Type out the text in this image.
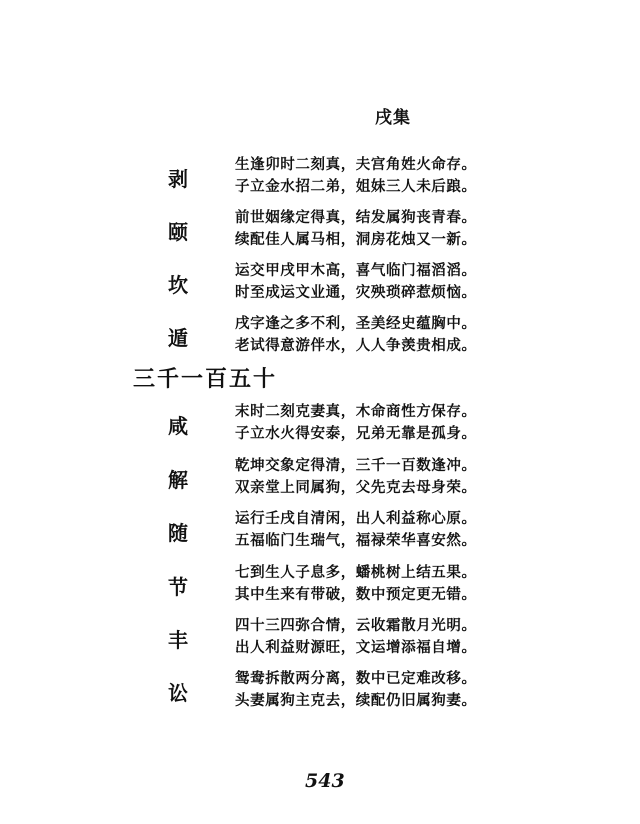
戌集
剥
生逢卯时二刻真，夫宫角姓火命存。
子立金水招二弟，姐妹三人未后踉。
颐
前世姻缘定得真，结发属狗丧青春。
续配佳人属马相，洞房花烛又一新。
坎
运交甲戌甲木高，喜气临门福滔滔。
时至成运文业通，灾殃琐碎惹烦恼。
遁
戌字逢之多不利，圣美经史蕴胸中。
老试得意游伴水，人人争羡贵相成。
三千一百五十
咸
末时二刻克妻真，木命商性方保存。
子立水火得安泰，兄弟无靠是孤身。
解
乾坤交象定得清，三千一百数逢冲。
双亲堂上同属狗，父先克去母身荣。
随
运行壬戌自清闲，出人利益称心原。
五福临门生瑞气，福禄荣华喜安然。
节
七到生人子息多，蟠桃树上结五果。
其中生来有带破，数中预定更无错。
丰
四十三四弥合情，云收霜散月光明。
出人利益财源旺，文运增添福自增。
讼
鸳鸯拆散两分离，数中已定难改移。
头妻属狗主克去，续配仍旧属狗妻。
543
